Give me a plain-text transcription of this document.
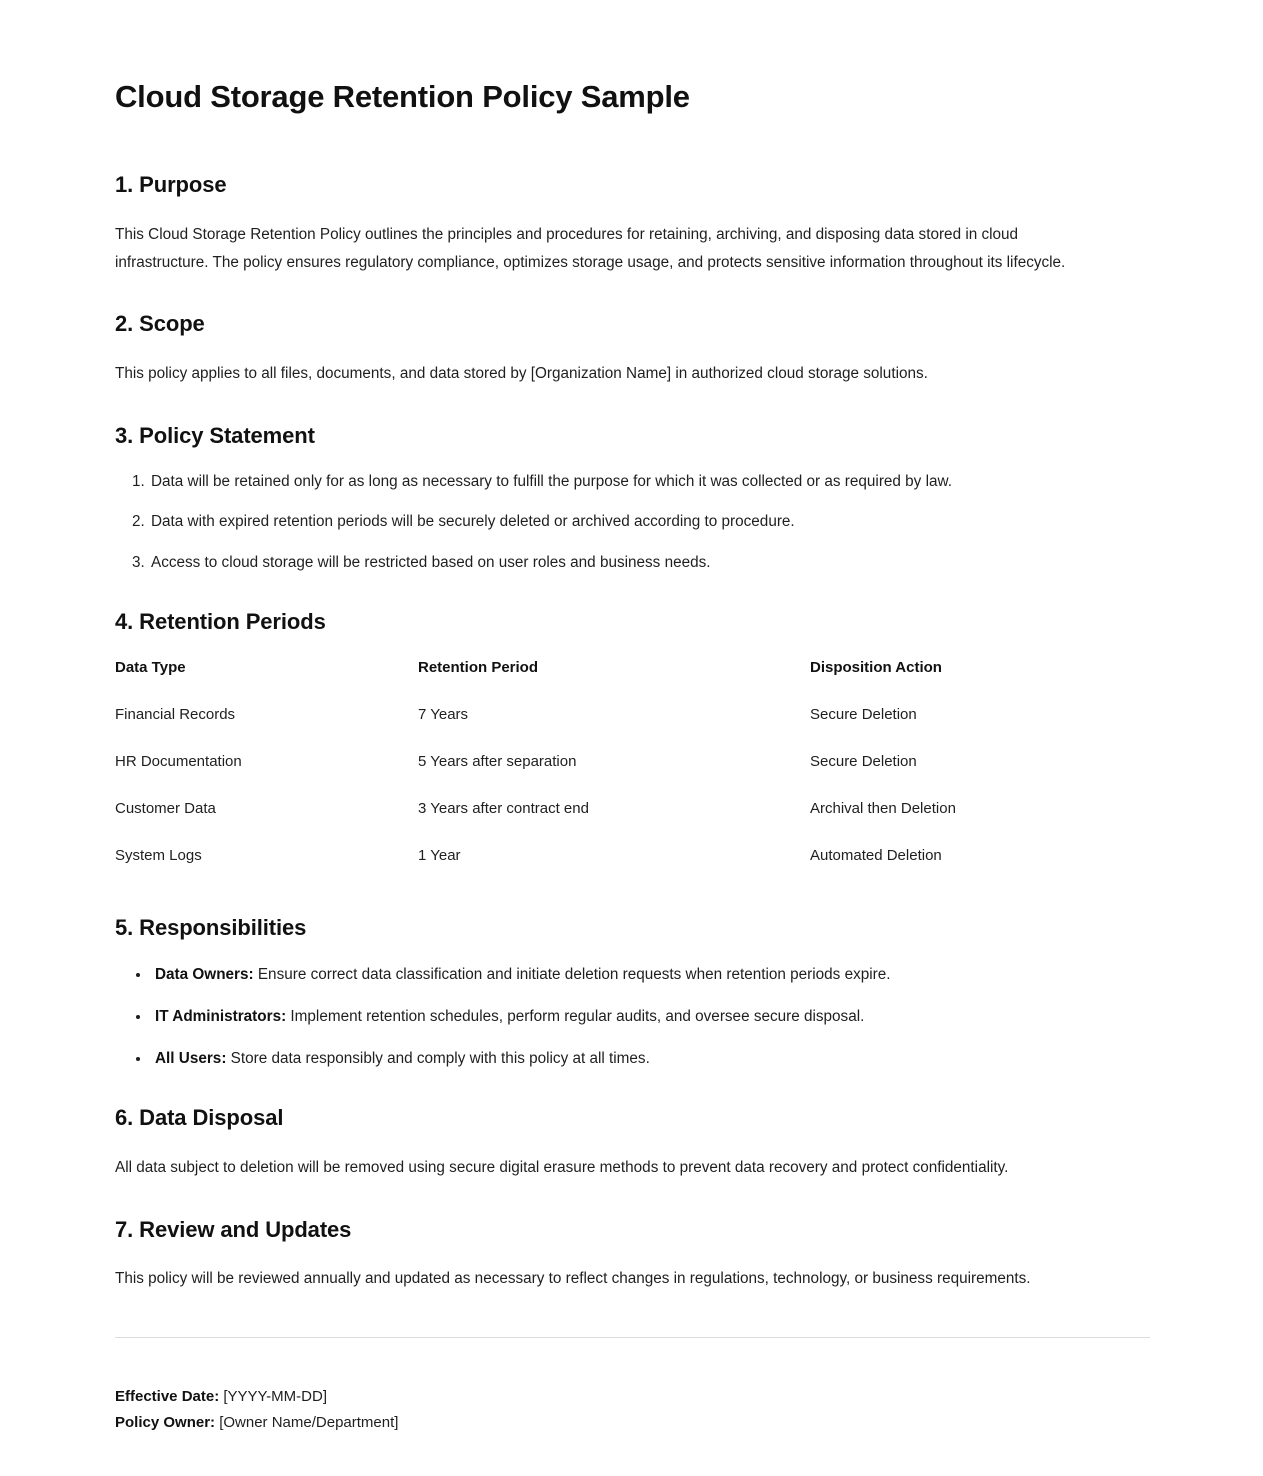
Cloud Storage Retention Policy Sample
1. Purpose

This Cloud Storage Retention Policy outlines the principles and procedures for retaining, archiving, and disposing data stored in cloud infrastructure. The policy ensures regulatory compliance, optimizes storage usage, and protects sensitive information throughout its lifecycle.

2. Scope

This policy applies to all files, documents, and data stored by [Organization Name] in authorized cloud storage solutions.

3. Policy Statement
1. Data will be retained only for as long as necessary to fulfill the purpose for which it was collected or as required by law.
2. Data with expired retention periods will be securely deleted or archived according to procedure.
3. Access to cloud storage will be restricted based on user roles and business needs.
4. Retention Periods
Data Type	Retention Period	Disposition Action
Financial Records	7 Years	Secure Deletion
HR Documentation	5 Years after separation	Secure Deletion
Customer Data	3 Years after contract end	Archival then Deletion
System Logs	1 Year	Automated Deletion
5. Responsibilities
• Data Owners: Ensure correct data classification and initiate deletion requests when retention periods expire.
• IT Administrators: Implement retention schedules, perform regular audits, and oversee secure disposal.
• All Users: Store data responsibly and comply with this policy at all times.
6. Data Disposal

All data subject to deletion will be removed using secure digital erasure methods to prevent data recovery and protect confidentiality.

7. Review and Updates

This policy will be reviewed annually and updated as necessary to reflect changes in regulations, technology, or business requirements.

Effective Date: [YYYY-MM-DD]

Policy Owner: [Owner Name/Department]
